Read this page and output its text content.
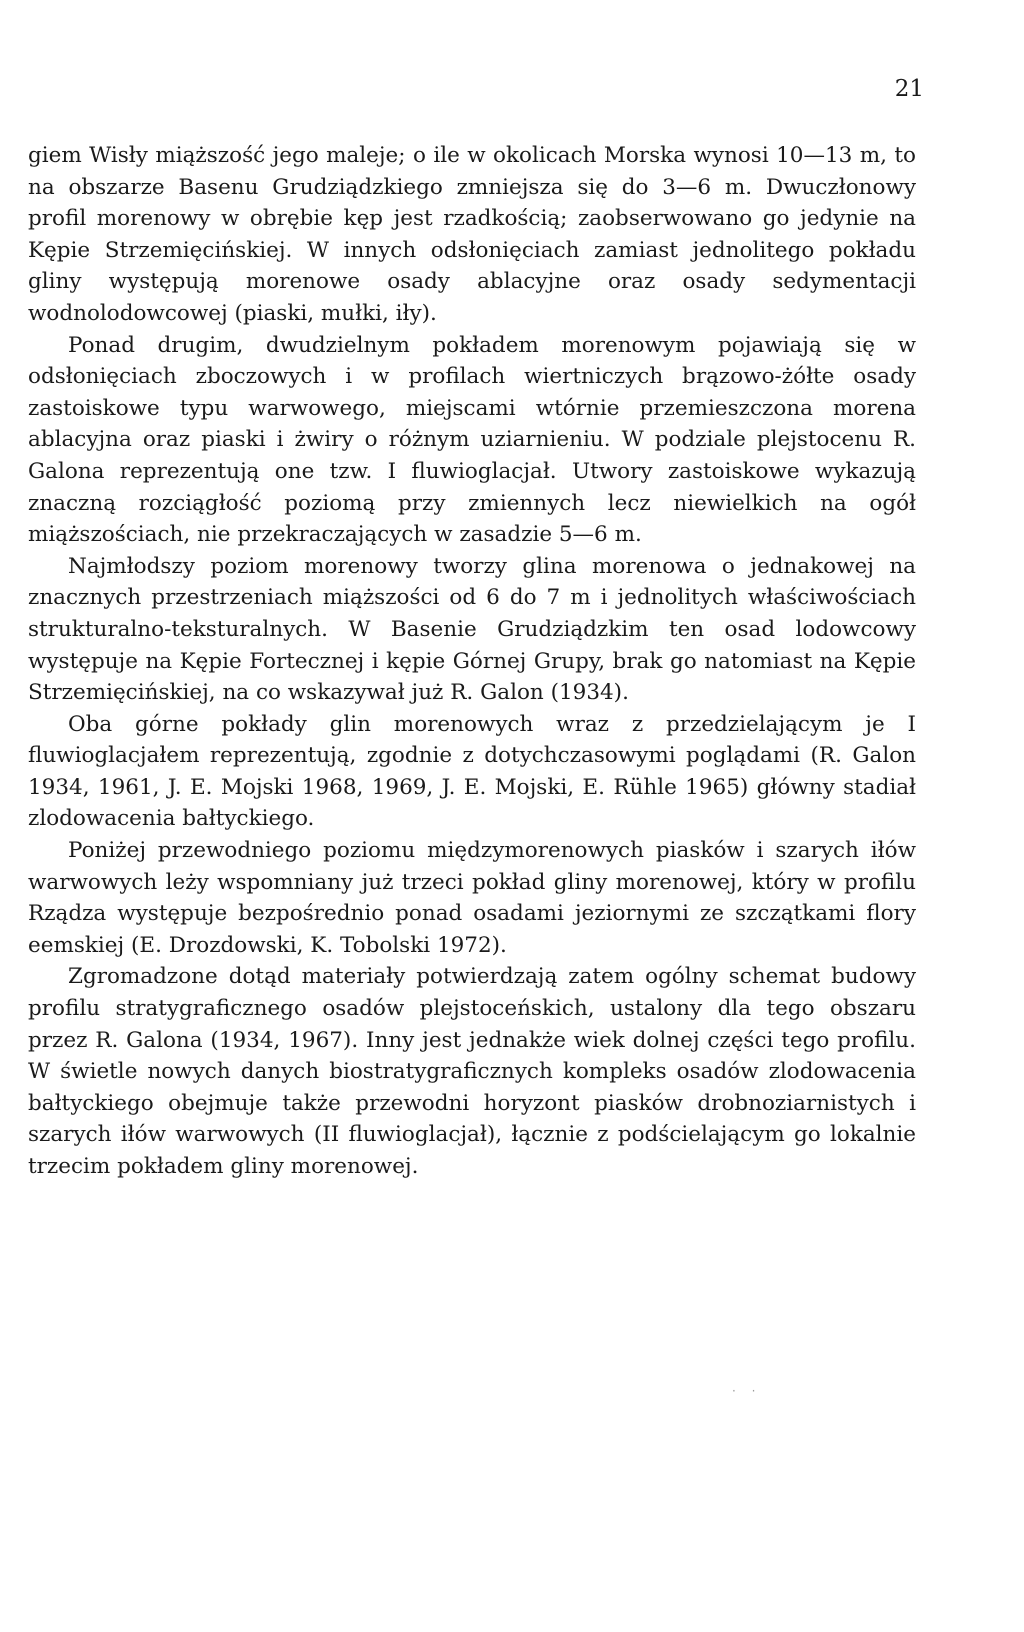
21

giem Wisły miąższość jego maleje; o ile w okolicach Morska wynosi 10—13 m, to na obszarze Basenu Grudziądzkiego zmniejsza się do 3—6 m. Dwuczłonowy profil morenowy w obrębie kęp jest rzadkością; zaobserwowano go jedynie na Kępie Strzemięcińskiej. W innych odsłonięciach zamiast jednolitego pokładu gliny występują morenowe osady ablacyjne oraz osady sedymentacji wodnolodowcowej (piaski, mułki, iły).

Ponad drugim, dwudzielnym pokładem morenowym pojawiają się w odsłonięciach zboczowych i w profilach wiertniczych brązowo-żółte osady zastoiskowe typu warwowego, miejscami wtórnie przemieszczona morena ablacyjna oraz piaski i żwiry o różnym uziarnieniu. W podziale plejstocenu R. Galona reprezentują one tzw. I fluwioglacjał. Utwory zastoiskowe wykazują znaczną rozciągłość poziomą przy zmiennych lecz niewielkich na ogół miąższościach, nie przekraczających w zasadzie 5—6 m.

Najmłodszy poziom morenowy tworzy glina morenowa o jednakowej na znacznych przestrzeniach miąższości od 6 do 7 m i jednolitych właściwościach strukturalno-teksturalnych. W Basenie Grudziądzkim ten osad lodowcowy występuje na Kępie Fortecznej i kępie Górnej Grupy, brak go natomiast na Kępie Strzemięcińskiej, na co wskazywał już R. Galon (1934).

Oba górne pokłady glin morenowych wraz z przedzielającym je I fluwioglacjałem reprezentują, zgodnie z dotychczasowymi poglądami (R. Galon 1934, 1961, J. E. Mojski 1968, 1969, J. E. Mojski, E. Rühle 1965) główny stadiał zlodowacenia bałtyckiego.

Poniżej przewodniego poziomu międzymorenowych piasków i szarych iłów warwowych leży wspomniany już trzeci pokład gliny morenowej, który w profilu Rządza występuje bezpośrednio ponad osadami jeziornymi ze szczątkami flory eemskiej (E. Drozdowski, K. Tobolski 1972).

Zgromadzone dotąd materiały potwierdzają zatem ogólny schemat budowy profilu stratygraficznego osadów plejstoceńskich, ustalony dla tego obszaru przez R. Galona (1934, 1967). Inny jest jednakże wiek dolnej części tego profilu. W świetle nowych danych biostratygraficznych kompleks osadów zlodowacenia bałtyckiego obejmuje także przewodni horyzont piasków drobnoziarnistych i szarych iłów warwowych (II fluwioglacjał), łącznie z podścielającym go lokalnie trzecim pokładem gliny morenowej.

· ·
